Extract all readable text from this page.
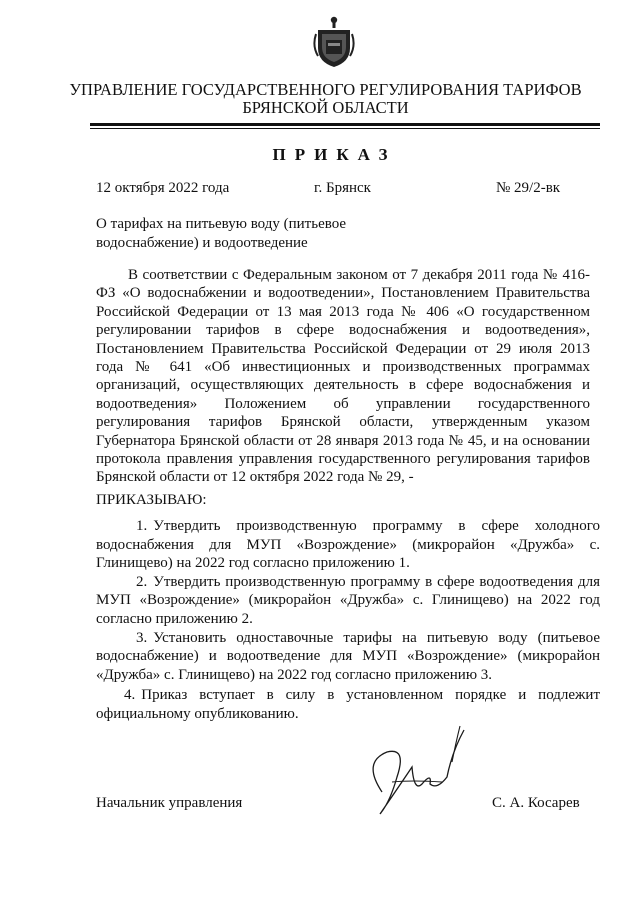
УПРАВЛЕНИЕ ГОСУДАРСТВЕННОГО РЕГУЛИРОВАНИЯ ТАРИФОВ
БРЯНСКОЙ ОБЛАСТИ
ПРИКАЗ
12 октября 2022 года	г. Брянск	№ 29/2-вк
О тарифах на питьевую воду (питьевое водоснабжение) и водоотведение
В соответствии с Федеральным законом от 7 декабря 2011 года № 416-ФЗ «О водоснабжении и водоотведении», Постановлением Правительства Российской Федерации от 13 мая 2013 года № 406 «О государственном регулировании тарифов в сфере водоснабжения и водоотведения», Постановлением Правительства Российской Федерации от 29 июля 2013 года № 641 «Об инвестиционных и производственных программах организаций, осуществляющих деятельность в сфере водоснабжения и водоотведения» Положением об управлении государственного регулирования тарифов Брянской области, утвержденным указом Губернатора Брянской области от 28 января 2013 года № 45, и на основании протокола правления управления государственного регулирования тарифов Брянской области от 12 октября 2022 года № 29, -
ПРИКАЗЫВАЮ:

1. Утвердить производственную программу в сфере холодного водоснабжения для МУП «Возрождение» (микрорайон «Дружба» с. Глинищево) на 2022 год согласно приложению 1.

2. Утвердить производственную программу в сфере водоотведения для МУП «Возрождение» (микрорайон «Дружба» с. Глинищево) на 2022 год согласно приложению 2.

3. Установить одноставочные тарифы на питьевую воду (питьевое водоснабжение) и водоотведение для МУП «Возрождение» (микрорайон «Дружба» с. Глинищево) на 2022 год согласно приложению 3.

4. Приказ вступает в силу в установленном порядке и подлежит официальному опубликованию.

Начальник управления	С. А. Косарев
